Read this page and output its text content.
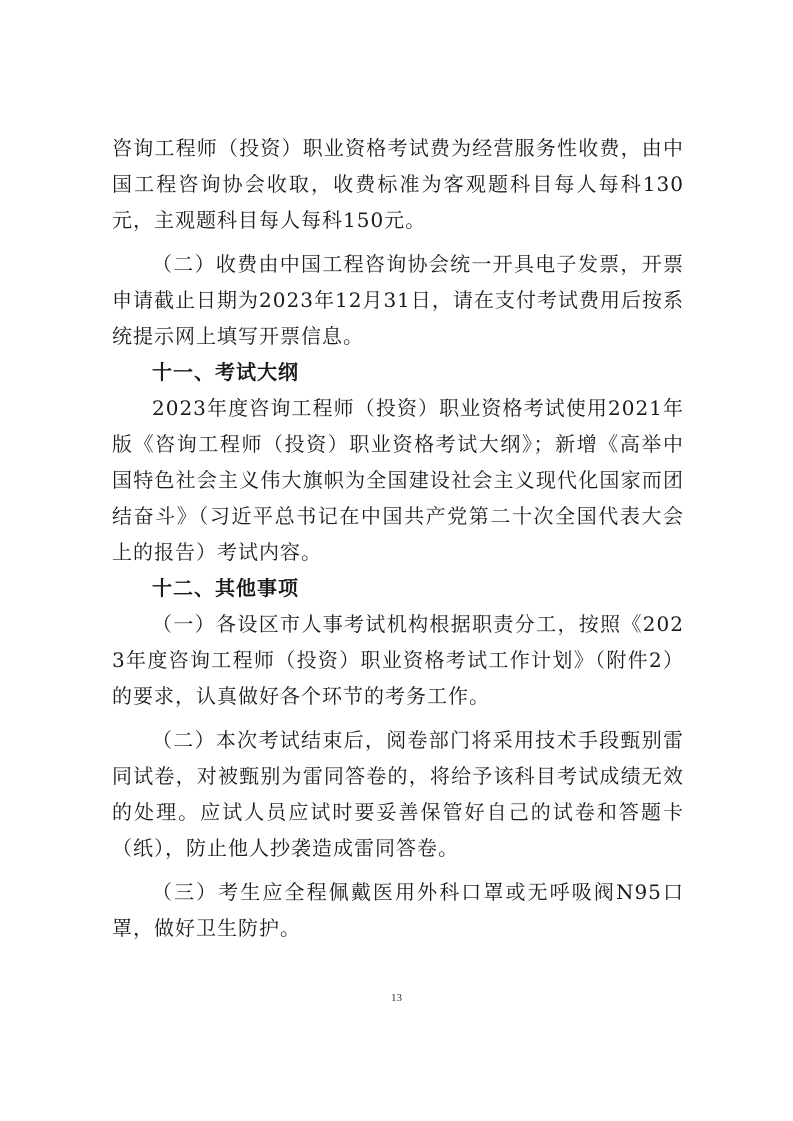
咨询工程师（投资）职业资格考试费为经营服务性收费，由中国工程咨询协会收取，收费标准为客观题科目每人每科130元，主观题科目每人每科150元。

（二）收费由中国工程咨询协会统一开具电子发票，开票申请截止日期为2023年12月31日，请在支付考试费用后按系统提示网上填写开票信息。

十一、考试大纲

2023年度咨询工程师（投资）职业资格考试使用2021年版《咨询工程师（投资）职业资格考试大纲》；新增《高举中国特色社会主义伟大旗帜为全国建设社会主义现代化国家而团结奋斗》（习近平总书记在中国共产党第二十次全国代表大会上的报告）考试内容。

十二、其他事项

（一）各设区市人事考试机构根据职责分工，按照《2023年度咨询工程师（投资）职业资格考试工作计划》（附件2）的要求，认真做好各个环节的考务工作。

（二）本次考试结束后，阅卷部门将采用技术手段甄别雷同试卷，对被甄别为雷同答卷的，将给予该科目考试成绩无效的处理。应试人员应试时要妥善保管好自己的试卷和答题卡（纸），防止他人抄袭造成雷同答卷。

（三）考生应全程佩戴医用外科口罩或无呼吸阀N95口罩，做好卫生防护。

13
